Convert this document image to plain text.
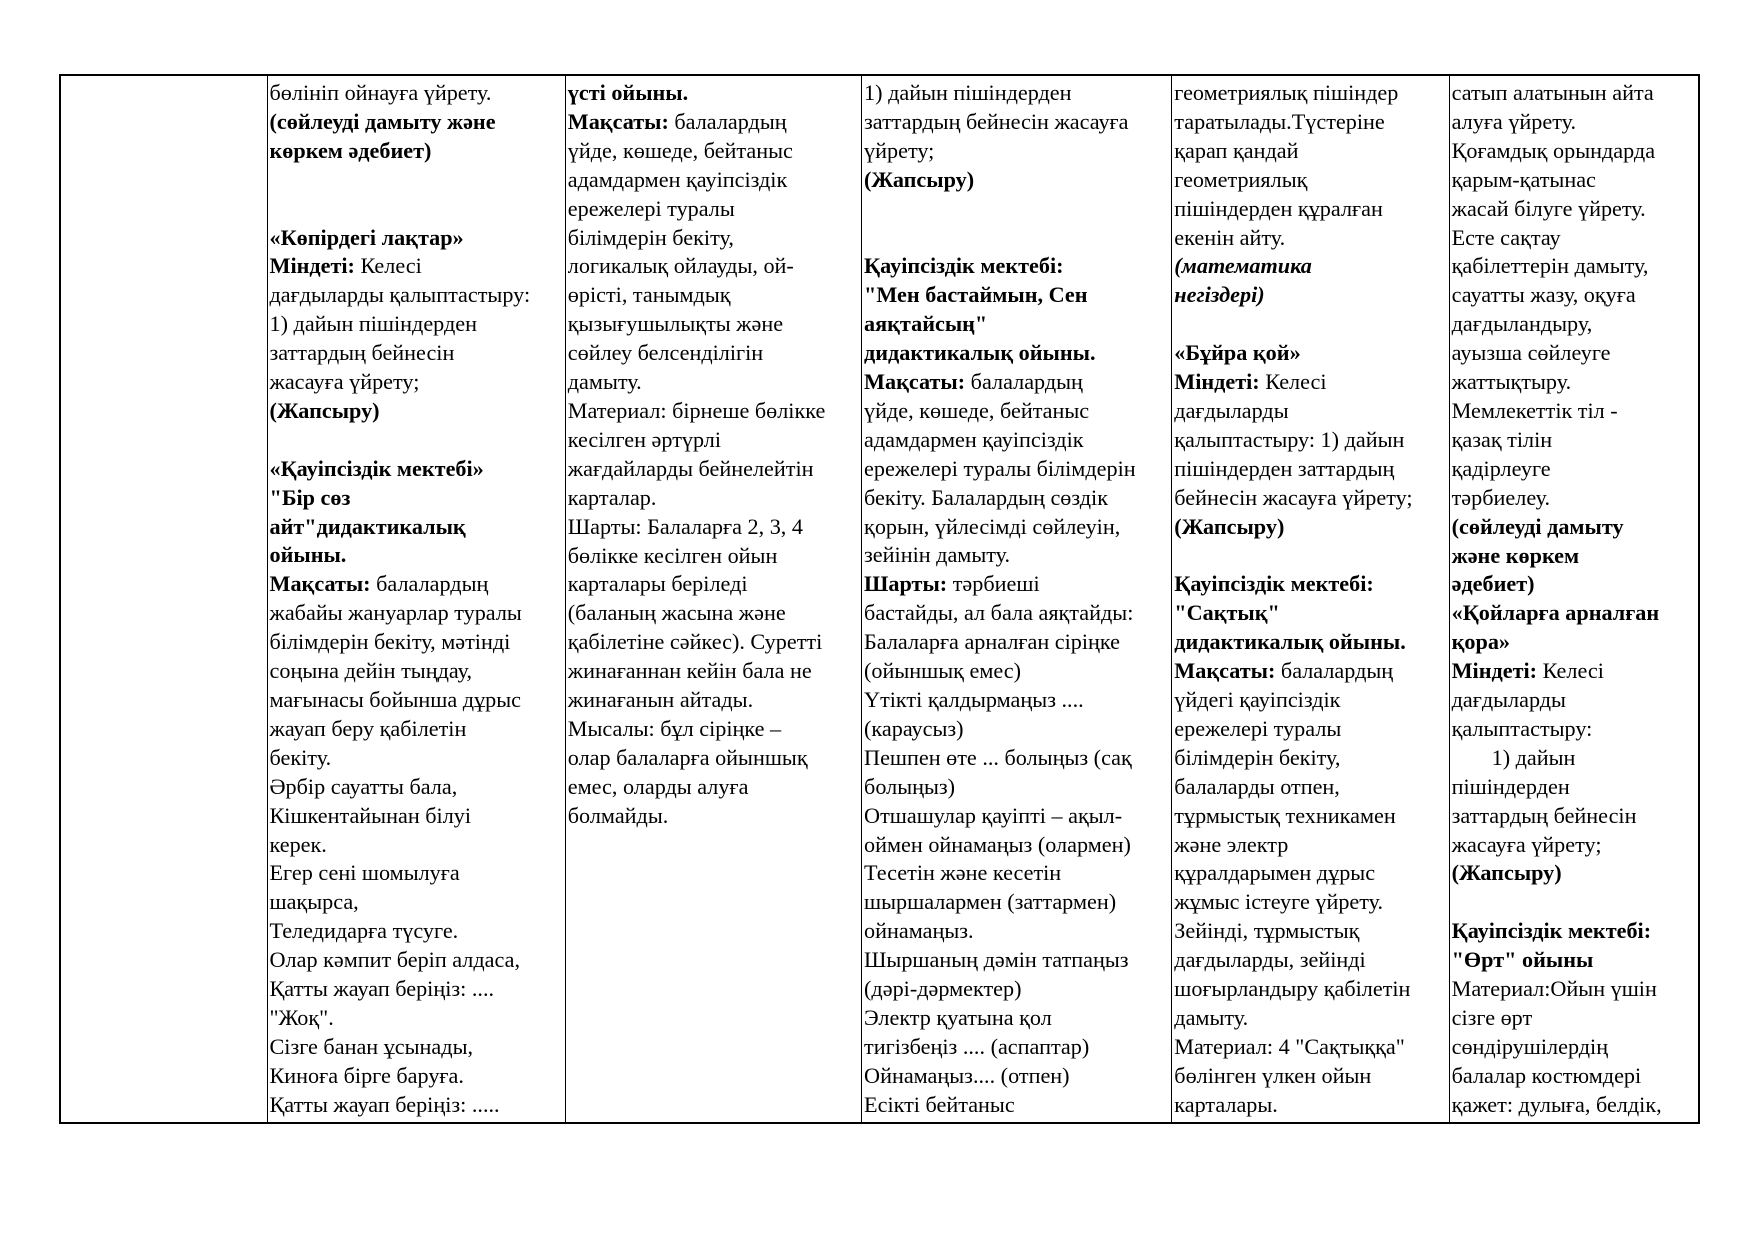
бөлініп ойнауға үйрету.
(сөйлеуді дамыту және
көркем әдебиет)
«Көпірдегі лақтар»
Міндеті: Келесі
дағдыларды қалыптастыру:
1) дайын пішіндерден
заттардың бейнесін
жасауға үйрету;
(Жапсыру)
«Қауіпсіздік мектебі»
"Бір сөз
айт"дидактикалық
ойыны.
Мақсаты: балалардың
жабайы жануарлар туралы
білімдерін бекіту, мәтінді
соңына дейін тыңдау,
мағынасы бойынша дұрыс
жауап беру қабілетін
бекіту.
Әрбір сауатты бала,
Кішкентайынан білуі
керек.
Егер сені шомылуға
шақырса,
Теледидарға түсуге.
Олар кәмпит беріп алдаса,
Қатты жауап беріңіз: ....
"Жоқ".
Сізге банан ұсынады,
Киноға бірге баруға.
Қатты жауап беріңіз: .....
үсті ойыны.
Мақсаты: балалардың
үйде, көшеде, бейтаныс
адамдармен қауіпсіздік
ережелері туралы
білімдерін бекіту,
логикалық ойлауды, ой-
өрісті, танымдық
қызығушылықты және
сөйлеу белсенділігін
дамыту.
Материал: бірнеше бөлікке
кесілген әртүрлі
жағдайларды бейнелейтін
карталар.
Шарты: Балаларға 2, 3, 4
бөлікке кесілген ойын
карталары беріледі
(баланың жасына және
қабілетіне сәйкес). Суретті
жинағаннан кейін бала не
жинағанын айтады.
Мысалы: бұл сіріңке –
олар балаларға ойыншық
емес, оларды алуға
болмайды.
1) дайын пішіндерден
заттардың бейнесін жасауға
үйрету;
(Жапсыру)
Қауіпсіздік мектебі:
"Мен бастаймын, Сен
аяқтайсың"
дидактикалық ойыны.
Мақсаты: балалардың
үйде, көшеде, бейтаныс
адамдармен қауіпсіздік
ережелері туралы білімдерін
бекіту. Балалардың сөздік
қорын, үйлесімді сөйлеуін,
зейінін дамыту.
Шарты: тәрбиеші
бастайды, ал бала аяқтайды:
Балаларға арналған сіріңке
(ойыншық емес)
Үтікті қалдырмаңыз ....
(караусыз)
Пешпен өте ... болыңыз (сақ
болыңыз)
Отшашулар қауіпті – ақыл-
оймен ойнамаңыз (олармен)
Тесетін және кесетін
шыршалармен (заттармен)
ойнамаңыз.
Шыршаның дәмін татпаңыз
(дәрі-дәрмектер)
Электр қуатына қол
тигізбеңіз .... (аспаптар)
Ойнамаңыз.... (отпен)
Есікті бейтаныс
геометриялық пішіндер
таратылады.Түстеріне
қарап қандай
геометриялық
пішіндерден құралған
екенін айту.
(математика
негіздері)
«Бұйра қой»
Міндеті: Келесі
дағдыларды
қалыптастыру: 1) дайын
пішіндерден заттардың
бейнесін жасауға үйрету;
(Жапсыру)
Қауіпсіздік мектебі:
"Сақтық"
дидактикалық ойыны.
Мақсаты: балалардың
үйдегі қауіпсіздік
ережелері туралы
білімдерін бекіту,
балаларды отпен,
тұрмыстық техникамен
және электр
құралдарымен дұрыс
жұмыс істеуге үйрету.
Зейінді, тұрмыстық
дағдыларды, зейінді
шоғырландыру қабілетін
дамыту.
Материал: 4 "Сақтыққа"
бөлінген үлкен ойын
карталары.
сатып алатынын айта
алуға үйрету.
Қоғамдық орындарда
қарым-қатынас
жасай білуге үйрету.
Есте сақтау
қабілеттерін дамыту,
сауатты жазу, оқуға
дағдыландыру,
ауызша сөйлеуге
жаттықтыру.
Мемлекеттік тіл -
қазақ тілін
қадірлеуге
тәрбиелеу.
(сөйлеуді дамыту
және көркем
әдебиет)
«Қойларға арналған
қора»
Міндеті: Келесі
дағдыларды
қалыптастыру:
1) дайын
пішіндерден
заттардың бейнесін
жасауға үйрету;
(Жапсыру)
Қауіпсіздік мектебі:
"Өрт" ойыны
Материал:Ойын үшін
сізге өрт
сөндірушілердің
балалар костюмдері
қажет: дулыға, белдік,
